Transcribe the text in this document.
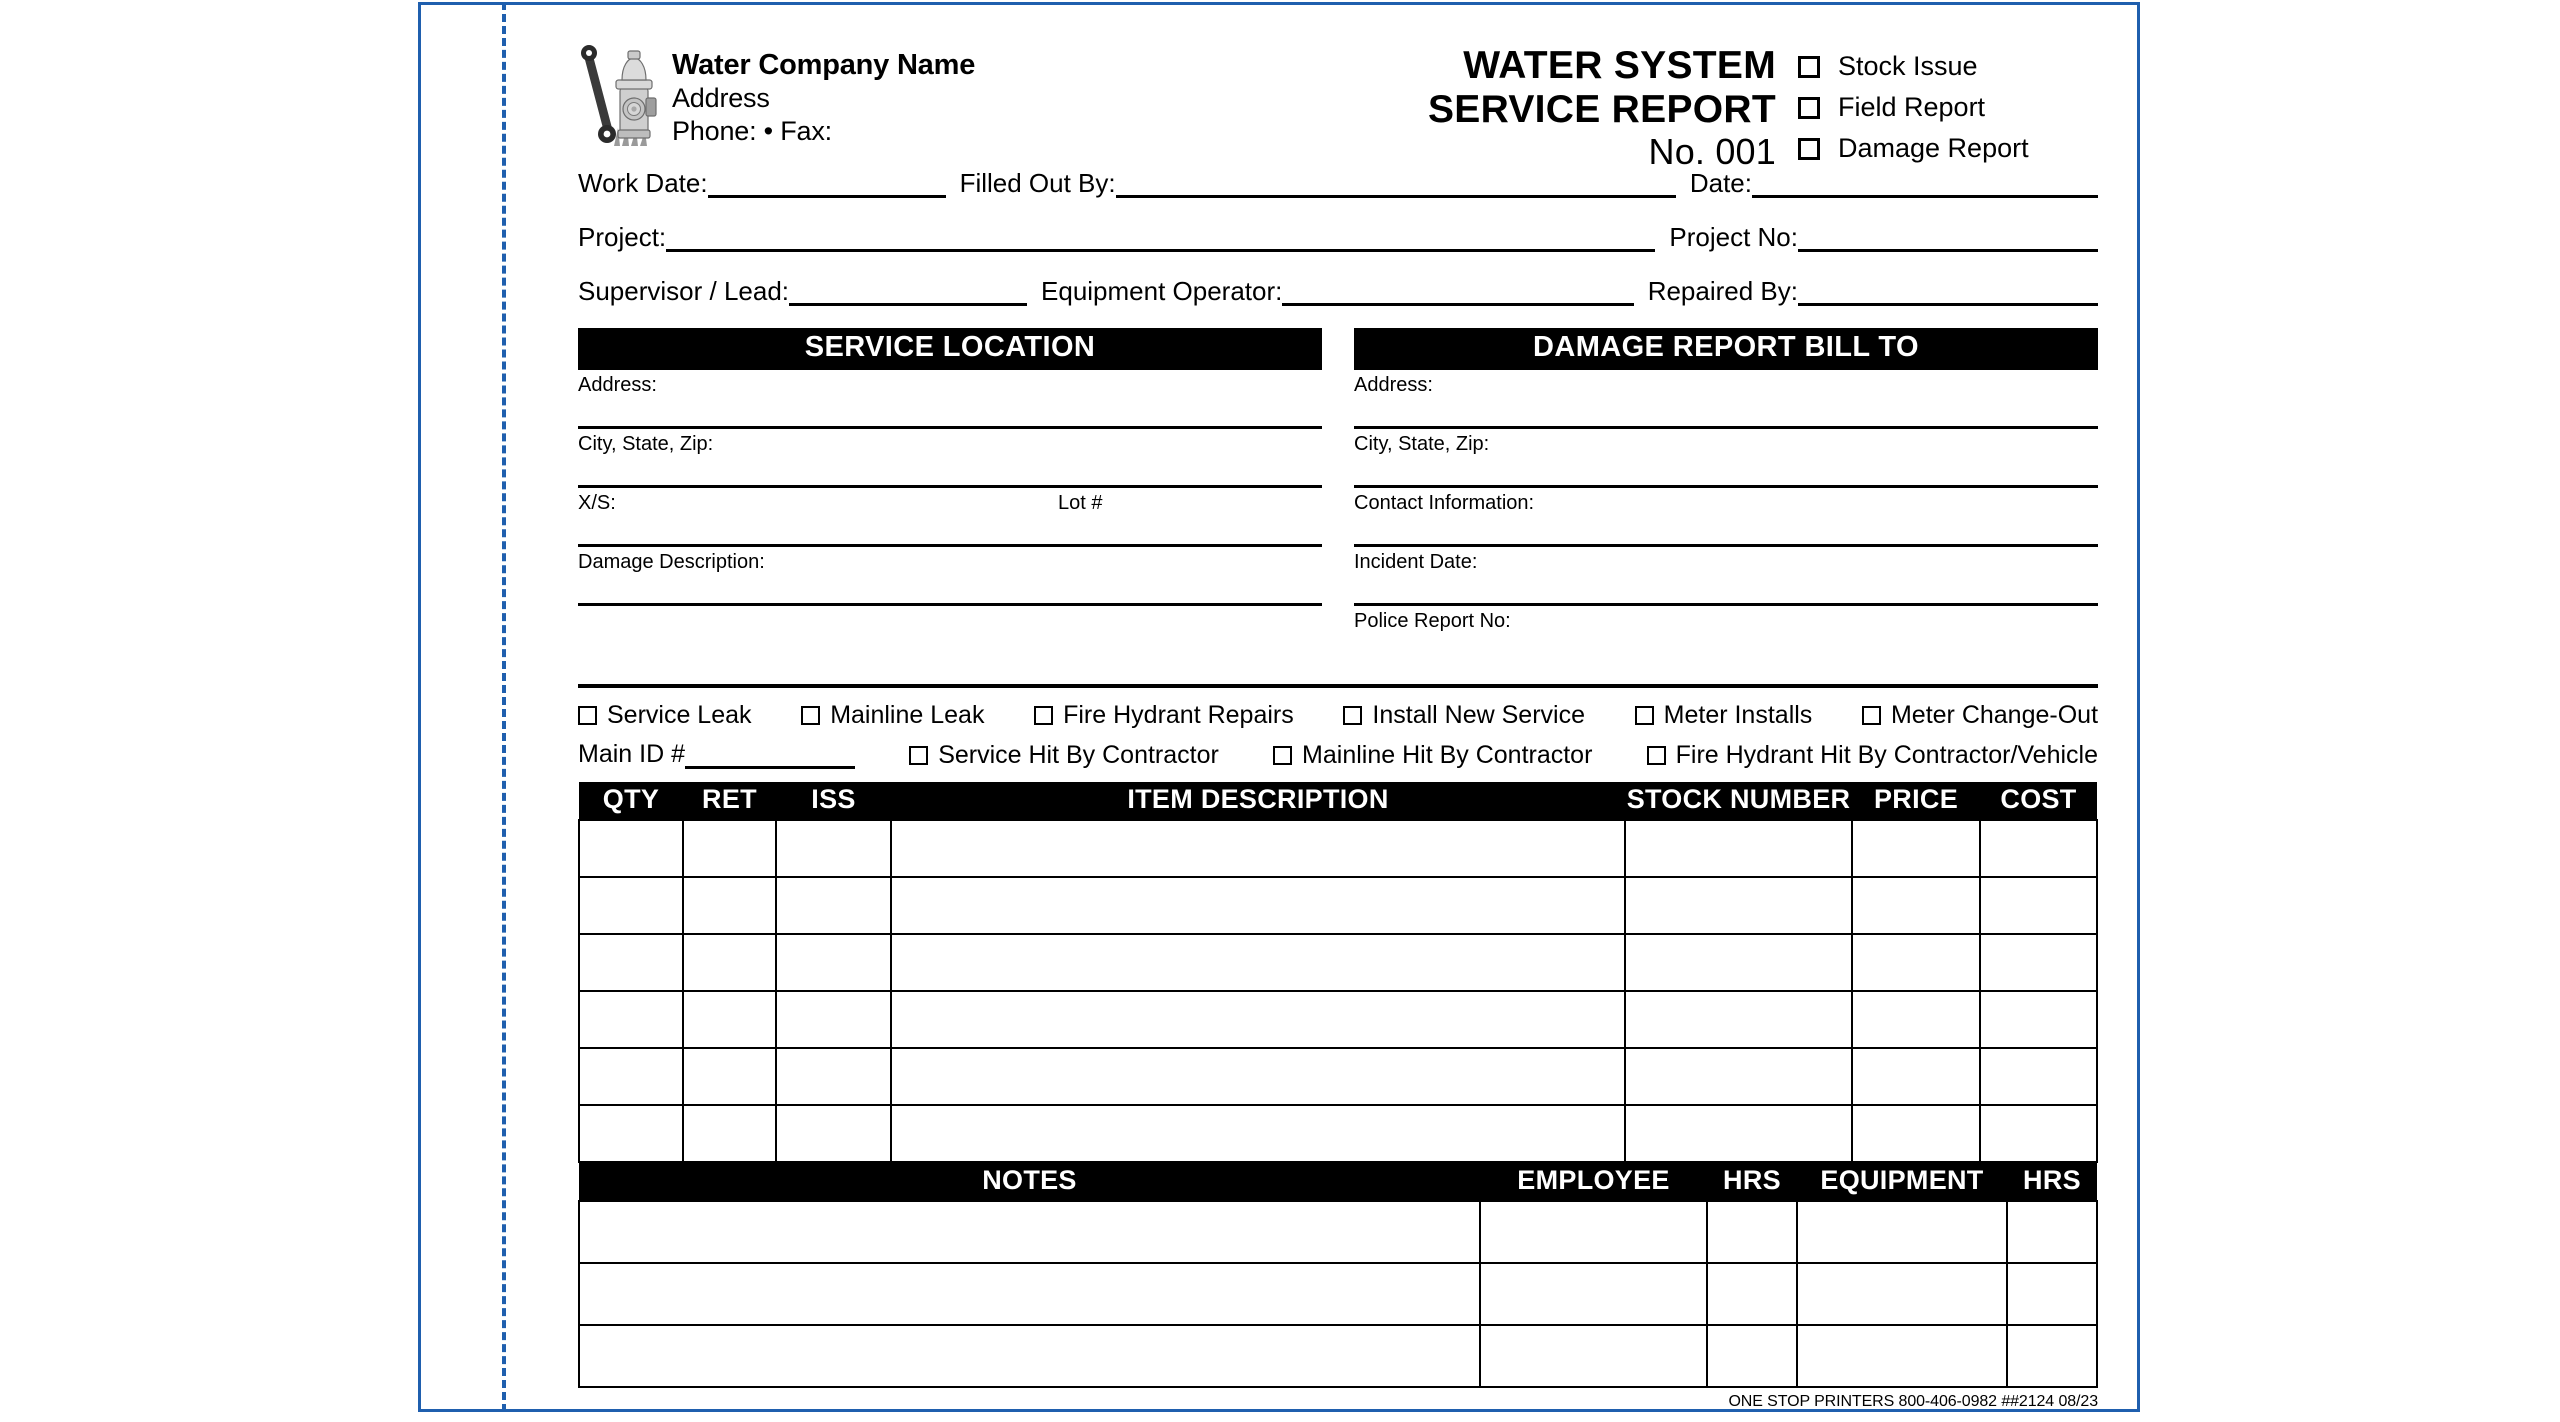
Water Company Name
Address
Phone: • Fax:
WATER SYSTEM
SERVICE REPORT
No. 001
Stock Issue
Field Report
Damage Report
Work Date:	Filled Out By:	Date:
Project:	Project No:
Supervisor / Lead:	Equipment Operator:	Repaired By:
SERVICE LOCATION
Address:
City, State, Zip:
X/S:	Lot #
Damage Description:
DAMAGE REPORT BILL TO
Address:
City, State, Zip:
Contact Information:
Incident Date:
Police Report No:
Service Leak	Mainline Leak	Fire Hydrant Repairs	Install New Service	Meter Installs	Meter Change-Out
Main ID #	Service Hit By Contractor	Mainline Hit By Contractor	Fire Hydrant Hit By Contractor/Vehicle
QTY	RET	ISS	ITEM DESCRIPTION	STOCK NUMBER	PRICE	COST

NOTES	EMPLOYEE	HRS	EQUIPMENT	HRS

ONE STOP PRINTERS 800-406-0982 ##2124 08/23
